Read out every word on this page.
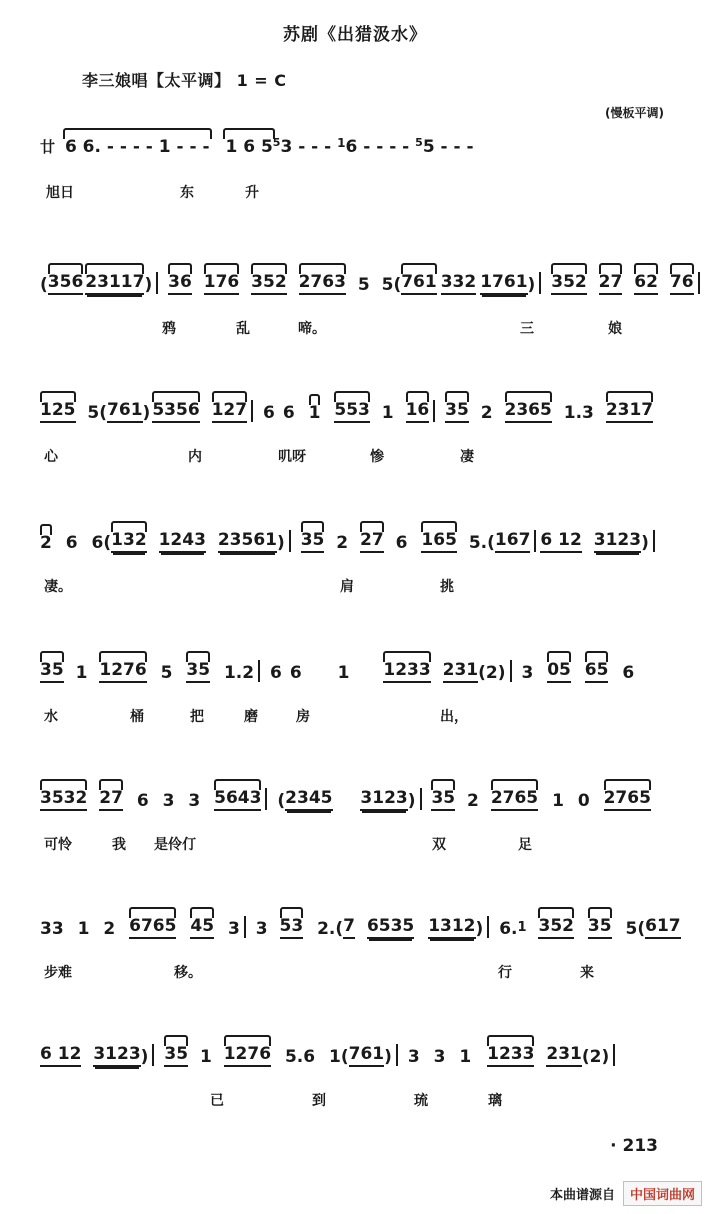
苏剧《出猎汲水》
李三娘唱【太平调】 1 = C
(慢板平调)
廿 6 6. - - - - 1 - - - 1 6 $5^53$ - - - $^1$6 - - - - $^5$5 - - -
旭日	东	升
(
356 23117) 36 176 352 2763 5 5(
761 332 1761) 352 27 62 76
鸦	乱	啼。	三	娘
125 5(761) 5356 127 6 6 1 553 1 16 35 2 2365 1.3 2317
心	内	叽呀	惨	凄
2 6 6(
132 1243 23561) 35 2 27 6 165 5.(167 6 12 3123)
凄。	肩	挑
35 1 1276 5 35 1.2 6 6 1 1233 231(2) 3 05 65 6
水	桶	把	磨	房	出，
3532 27 6 3 3 5643 (2345 3123) 35 2 2765 1 0 2765
可怜	我 是伶仃	双	足
33 1 2 6765 45 3 3 53 2.(7 6535 1312) 6.1 352 35 5(617
步难	移。	行	来
6 12 3123) 35 1 1276 5.6 1(761) 3 3 1 1233 231(2)
已	到	琉	璃
· 213
本曲谱源自	中国词曲网
